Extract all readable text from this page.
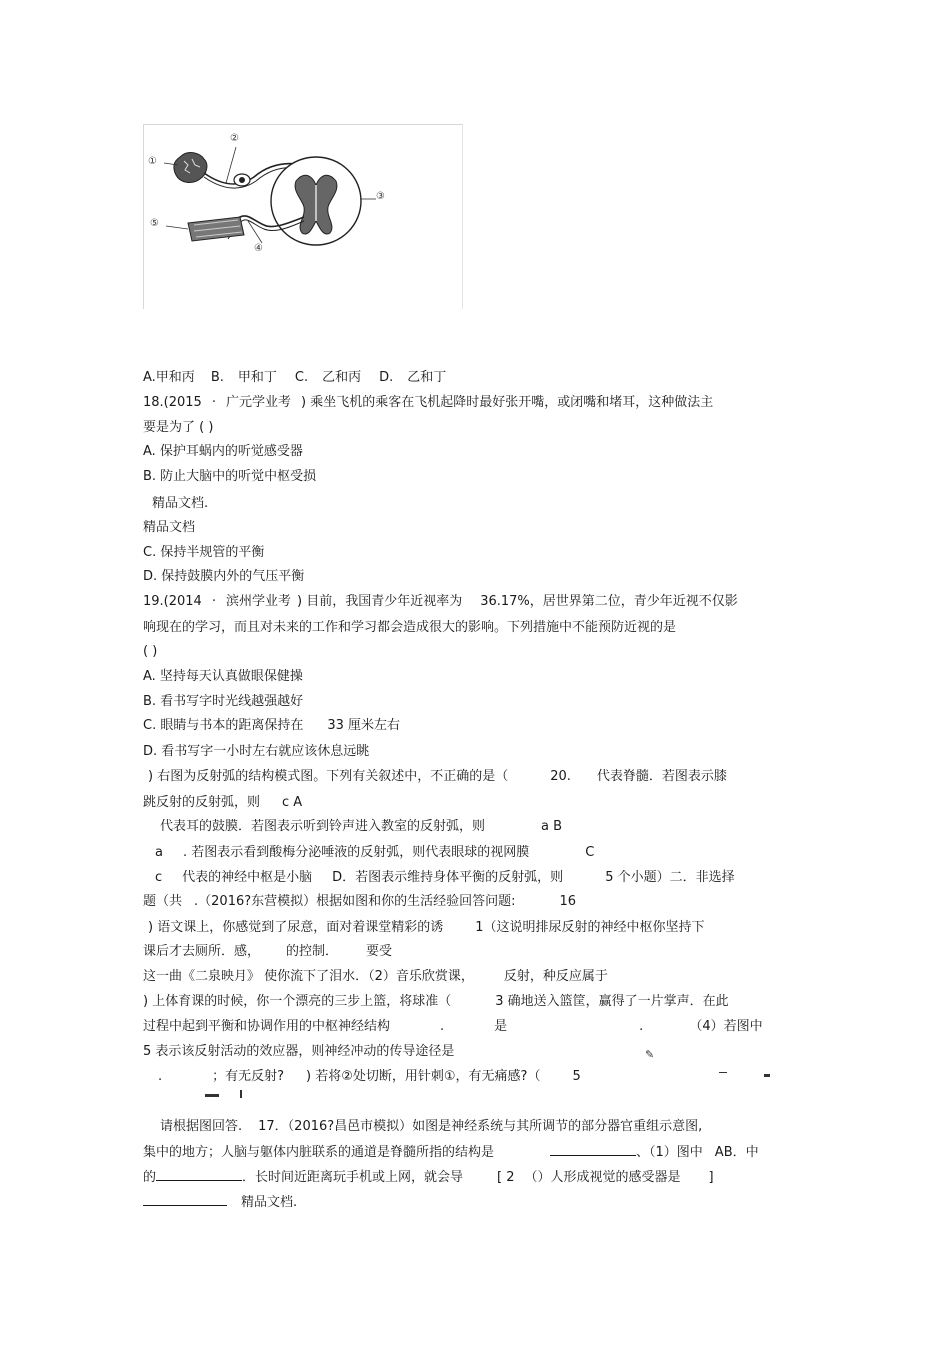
①
②
③
④
⑤
A.甲和丙 B. 甲和丁 C. 乙和丙 D. 乙和丁
18.(2015 · 广元学业考 ) 乘坐飞机的乘客在飞机起降时最好张开嘴，或闭嘴和堵耳，这种做法主
要是为了 ( )
A. 保护耳蜗内的听觉感受器
B. 防止大脑中的听觉中枢受损
精品文档.
精品文档
C. 保持半规管的平衡
D. 保持鼓膜内外的气压平衡
19.(2014 · 滨州学业考 ) 目前，我国青少年近视率为 36.17%，居世界第二位，青少年近视不仅影
响现在的学习，而且对未来的工作和学习都会造成很大的影响。下列措施中不能预防近视的是
( )
A. 坚持每天认真做眼保健操
B. 看书写字时光线越强越好
C. 眼睛与书本的距离保持在 33 厘米左右
D. 看书写字一小时左右就应该休息远眺
) 右图为反射弧的结构模式图。下列有关叙述中，不正确的是（	20. 代表脊髓．若图表示膝
跳反射的反射弧，则 c A
代表耳的鼓膜．若图表示听到铃声进入教室的反射弧，则	a B
a . 若图表示看到酸梅分泌唾液的反射弧，则代表眼球的视网膜	C
c 代表的神经中枢是小脑 D．若图表示维持身体平衡的反射弧，则	5 个小题）二．非选择
题（共 .（2016?东营模拟）根据如图和你的生活经验回答问题:	16
) 语文课上，你感觉到了尿意，面对着课堂精彩的诱 1（这说明排尿反射的神经中枢你坚持下
课后才去厕所．感， 的控制． 要受
这一曲《二泉映月》 使你流下了泪水．（2）音乐欣赏课， 反射，种反应属于
) 上体育课的时候，你一个漂亮的三步上篮，将球准（	3 确地送入篮筐，赢得了一片掌声．在此
过程中起到平衡和协调作用的中枢神经结构	.	是	.	（4）若图中
5 表示该反射活动的效应器，则神经冲动的传导途径是
.	；有无反射? ) 若将②处切断，用针刺①，有无痛感?（ 5
请根据图回答. 17．（2016?昌邑市模拟）如图是神经系统与其所调节的部分器官重组示意图,
集中的地方；人脑与躯体内脏联系的通道是脊髓所指的结构是	、（1）图中 AB．中
的	．长时间近距离玩手机或上网，就会导	[ 2 （）人形成视觉的感受器是 ]
精品文档.
✎
